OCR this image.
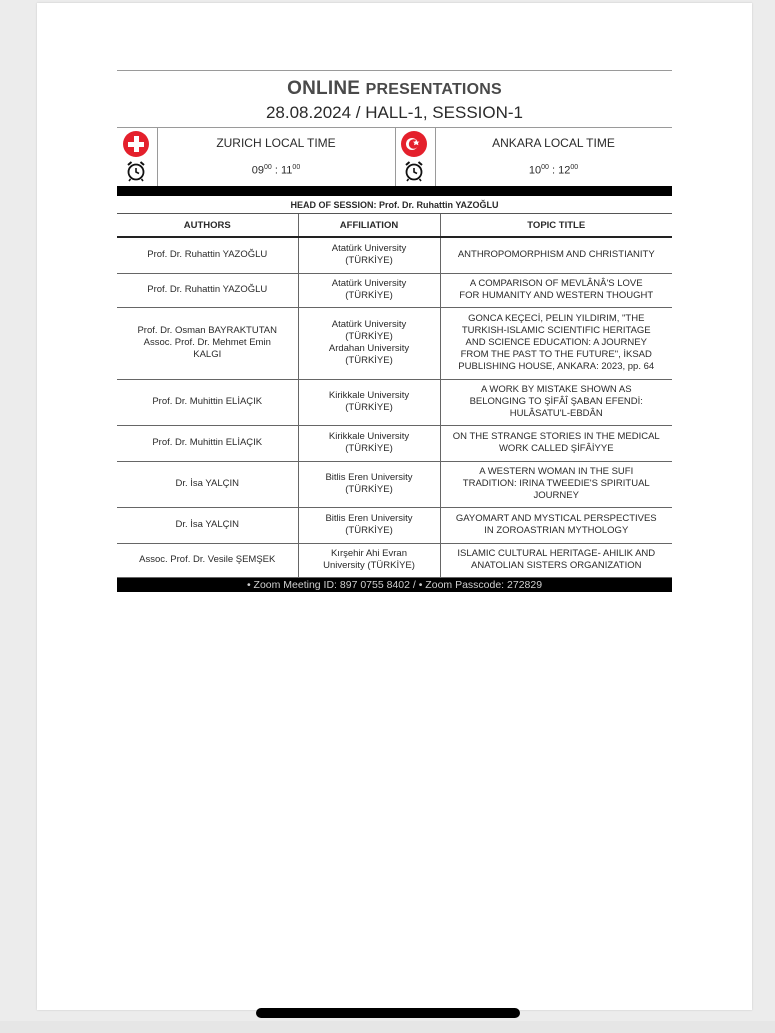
ONLINE PRESENTATIONS
28.08.2024 / HALL-1, SESSION-1
ZURICH LOCAL TIME
$09^{00}$ : $11^{00}$
ANKARA LOCAL TIME
$10^{00}$ : $12^{00}$
HEAD OF SESSION: Prof. Dr. Ruhattin YAZOĞLU
AUTHORS	AFFILIATION	TOPIC TITLE

Prof. Dr. Ruhattin YAZOĞLU	Atatürk University
(TÜRKİYE)	ANTHROPOMORPHISM AND CHRISTIANITY

Prof. Dr. Ruhattin YAZOĞLU	Atatürk University
(TÜRKİYE)	A COMPARISON OF MEVLÂNÂ'S LOVE
FOR HUMANITY AND WESTERN THOUGHT

Prof. Dr. Osman BAYRAKTUTAN
Assoc. Prof. Dr. Mehmet Emin
KALGI	Atatürk University
(TÜRKİYE)
Ardahan University
(TÜRKİYE)	GONCA KEÇECİ, PELIN YILDIRIM, "THE
TURKISH-ISLAMIC SCIENTIFIC HERITAGE
AND SCIENCE EDUCATION: A JOURNEY
FROM THE PAST TO THE FUTURE", İKSAD
PUBLISHING HOUSE, ANKARA: 2023, pp. 64

Prof. Dr. Muhittin ELİAÇIK	Kirikkale University
(TÜRKİYE)	A WORK BY MISTAKE SHOWN AS
BELONGING TO ŞİFÂÎ ŞABAN EFENDİ:
HULÂSATU'L-EBDÂN

Prof. Dr. Muhittin ELİAÇIK	Kirikkale University
(TÜRKİYE)	ON THE STRANGE STORIES IN THE MEDICAL
WORK CALLED ŞİFÂİYYE

Dr. İsa YALÇIN	Bitlis Eren University
(TÜRKİYE)	A WESTERN WOMAN IN THE SUFI
TRADITION: IRINA TWEEDIE'S SPIRITUAL
JOURNEY

Dr. İsa YALÇIN	Bitlis Eren University
(TÜRKİYE)	GAYOMART AND MYSTICAL PERSPECTIVES
IN ZOROASTRIAN MYTHOLOGY

Assoc. Prof. Dr. Vesile ŞEMŞEK	Kırşehir Ahi Evran
University (TÜRKİYE)	ISLAMIC CULTURAL HERITAGE- AHILIK AND
ANATOLIAN SISTERS ORGANIZATION
• Zoom Meeting ID: 897 0755 8402 / • Zoom Passcode: 272829
